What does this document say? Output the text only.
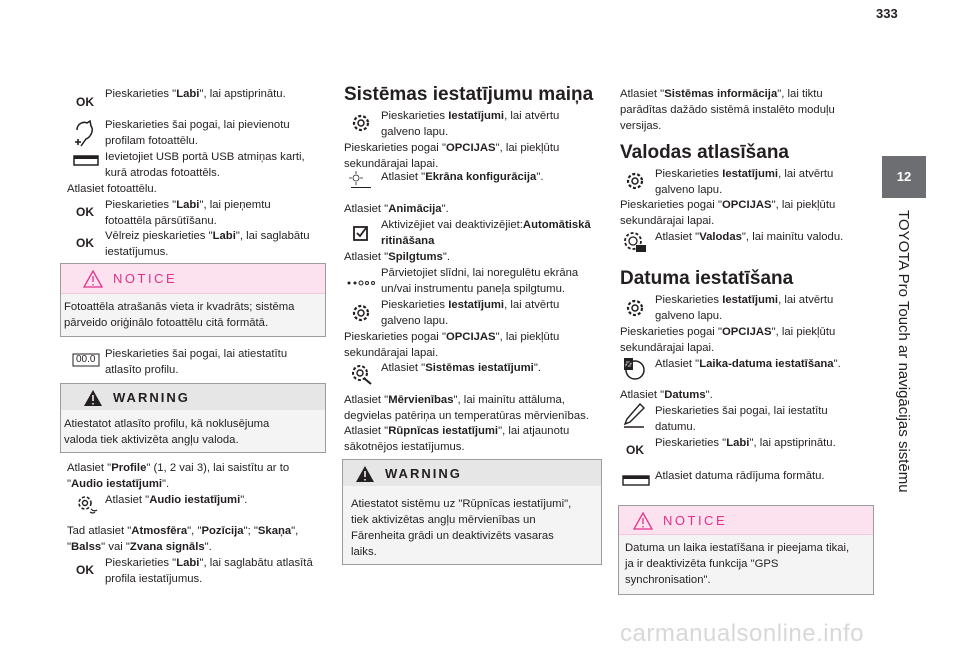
333
12
TOYOTA Pro Touch ar navigācijas sistēmu
OK
Pieskarieties "Labi", lai apstiprinātu.
Pieskarieties šai pogai, lai pievienotu
profilam fotoattēlu.
Ievietojiet USB portā USB atmiņas karti,
kurā atrodas fotoattēls.
Atlasiet fotoattēlu.
OK Pieskarieties "Labi", lai pieņemtu
fotoattēla pārsūtīšanu.
OK Vēlreiz pieskarieties "Labi", lai saglabātu
iestatījumus.
NOTICE
Fotoattēla atrašanās vieta ir kvadrāts; sistēma
pārveido oriģinālo fotoattēlu citā formātā.
00.0 Pieskarieties šai pogai, lai atiestatītu
atlasīto profilu.
WARNING
Atiestatot atlasīto profilu, kā noklusējuma
valoda tiek aktivizēta angļu valoda.
Atlasiet "Profile" (1, 2 vai 3), lai saistītu ar to
"Audio iestatījumi".
Atlasiet "Audio iestatījumi".
Tad atlasiet "Atmosfēra", "Pozīcija"; "Skaņa",
"Balss" vai "Zvana signāls".
OK Pieskarieties "Labi", lai saglabātu atlasītā
profila iestatījumus.
Sistēmas iestatījumu maiņa
Pieskarieties Iestatījumi, lai atvērtu
galveno lapu.
Pieskarieties pogai "OPCIJAS", lai piekļūtu
sekundārajai lapai.
Atlasiet "Ekrāna konfigurācija".
Atlasiet "Animācija".
Aktivizējiet vai deaktivizējiet:Automātiskā
ritināšana
Atlasiet "Spilgtums".
Pārvietojiet slīdni, lai noregulētu ekrāna
un/vai instrumentu paneļa spilgtumu.
Pieskarieties Iestatījumi, lai atvērtu
galveno lapu.
Pieskarieties pogai "OPCIJAS", lai piekļūtu
sekundārajai lapai.
Atlasiet "Sistēmas iestatījumi".
Atlasiet "Mērvienības", lai mainītu attāluma,
degvielas patēriņa un temperatūras mērvienības.
Atlasiet "Rūpnīcas iestatījumi", lai atjaunotu
sākotnējos iestatījumus.
WARNING
Atiestatot sistēmu uz "Rūpnīcas iestatījumi",
tiek aktivizētas angļu mērvienības un
Fārenheita grādi un deaktivizēts vasaras
laiks.
Atlasiet "Sistēmas informācija", lai tiktu
parādītas dažādo sistēmā instalēto moduļu
versijas.
Valodas atlasīšana
Pieskarieties Iestatījumi, lai atvērtu
galveno lapu.
Pieskarieties pogai "OPCIJAS", lai piekļūtu
sekundārajai lapai.
Atlasiet "Valodas", lai mainītu valodu.
Datuma iestatīšana
Pieskarieties Iestatījumi, lai atvērtu
galveno lapu.
Pieskarieties pogai "OPCIJAS", lai piekļūtu
sekundārajai lapai.
Atlasiet "Laika-datuma iestatīšana".
Atlasiet "Datums".
Pieskarieties šai pogai, lai iestatītu
datumu.
OK Pieskarieties "Labi", lai apstiprinātu.
Atlasiet datuma rādījuma formātu.
NOTICE
Datuma un laika iestatīšana ir pieejama tikai,
ja ir deaktivizēta funkcija "GPS
synchronisation".
carmanualsonline.info
